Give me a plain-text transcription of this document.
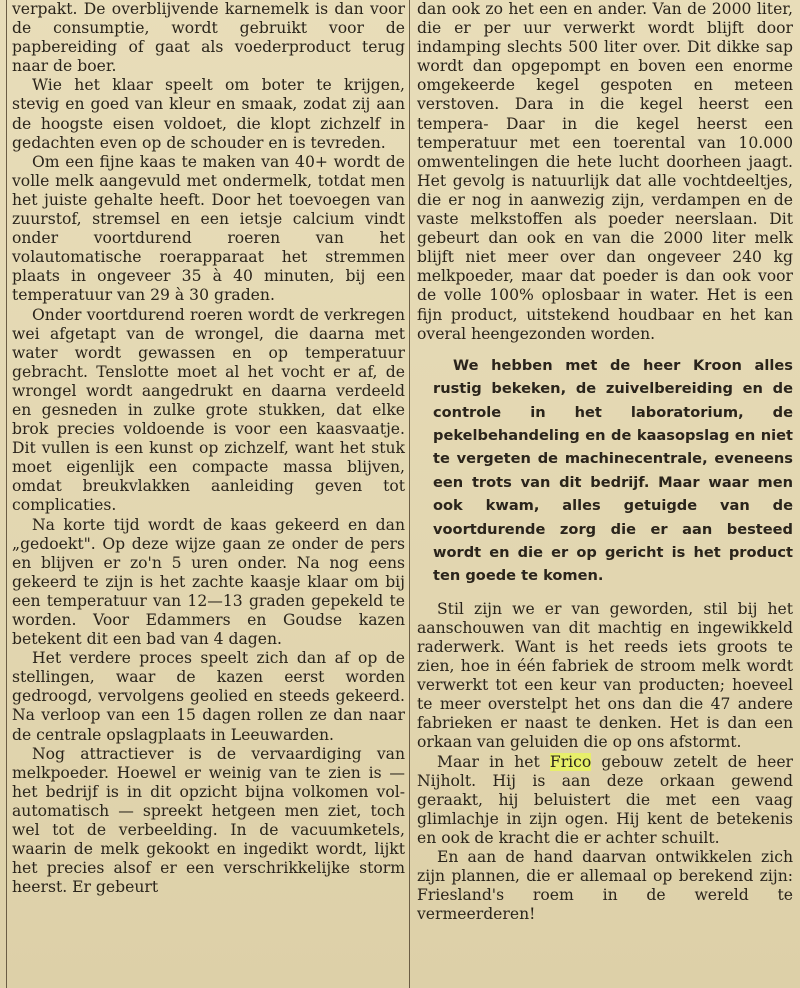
verpakt. De overblijvende karnemelk is dan voor de consumptie, wordt gebruikt voor de papbereiding of gaat als voederproduct terug naar de boer.

Wie het klaar speelt om boter te krijgen, stevig en goed van kleur en smaak, zodat zij aan de hoogste eisen voldoet, die klopt zichzelf in gedachten even op de schouder en is tevreden.

Om een fijne kaas te maken van 40+ wordt de volle melk aangevuld met ondermelk, totdat men het juiste gehalte heeft. Door het toevoegen van zuurstof, stremsel en een ietsje calcium vindt onder voortdurend roeren van het volautomatische roerapparaat het stremmen plaats in ongeveer 35 à 40 minuten, bij een temperatuur van 29 à 30 graden.

Onder voortdurend roeren wordt de verkregen wei afgetapt van de wrongel, die daarna met water wordt gewassen en op temperatuur gebracht. Tenslotte moet al het vocht er af, de wrongel wordt aangedrukt en daarna verdeeld en gesneden in zulke grote stukken, dat elke brok precies voldoende is voor een kaasvaatje. Dit vullen is een kunst op zichzelf, want het stuk moet eigenlijk een compacte massa blijven, omdat breukvlakken aanleiding geven tot complicaties.

Na korte tijd wordt de kaas gekeerd en dan „gedoekt". Op deze wijze gaan ze onder de pers en blijven er zo'n 5 uren onder. Na nog eens gekeerd te zijn is het zachte kaasje klaar om bij een temperatuur van 12—13 graden gepekeld te worden. Voor Edammers en Goudse kazen betekent dit een bad van 4 dagen.

Het verdere proces speelt zich dan af op de stellingen, waar de kazen eerst worden gedroogd, vervolgens geolied en steeds gekeerd. Na verloop van een 15 dagen rollen ze dan naar de centrale opslagplaats in Leeuwarden.

Nog attractiever is de vervaardiging van melkpoeder. Hoewel er weinig van te zien is — het bedrijf is in dit opzicht bijna volkomen vol-automatisch — spreekt hetgeen men ziet, toch wel tot de verbeelding. In de vacuumketels, waarin de melk gekookt en ingedikt wordt, lijkt het precies alsof er een verschrikkelijke storm heerst. Er gebeurt

dan ook zo het een en ander. Van de 2000 liter, die er per uur verwerkt wordt blijft door indamping slechts 500 liter over. Dit dikke sap wordt dan opgepompt en boven een enorme omgekeerde kegel gespoten en meteen verstoven. Dara in die kegel heerst een tempera- Daar in die kegel heerst een temperatuur met een toerental van 10.000 omwentelingen die hete lucht doorheen jaagt. Het gevolg is natuurlijk dat alle vochtdeeltjes, die er nog in aanwezig zijn, verdampen en de vaste melkstoffen als poeder neerslaan. Dit gebeurt dan ook en van die 2000 liter melk blijft niet meer over dan ongeveer 240 kg melkpoeder, maar dat poeder is dan ook voor de volle 100% oplosbaar in water. Het is een fijn product, uitstekend houdbaar en het kan overal heengezonden worden.

We hebben met de heer Kroon alles rustig bekeken, de zuivelbereiding en de controle in het laboratorium, de pekelbehandeling en de kaasopslag en niet te vergeten de machinecentrale, eveneens een trots van dit bedrijf. Maar waar men ook kwam, alles getuigde van de voortdurende zorg die er aan besteed wordt en die er op gericht is het product ten goede te komen.

Stil zijn we er van geworden, stil bij het aanschouwen van dit machtig en ingewikkeld raderwerk. Want is het reeds iets groots te zien, hoe in één fabriek de stroom melk wordt verwerkt tot een keur van producten; hoeveel te meer overstelpt het ons dan die 47 andere fabrieken er naast te denken. Het is dan een orkaan van geluiden die op ons afstormt.

Maar in het Frico gebouw zetelt de heer Nijholt. Hij is aan deze orkaan gewend geraakt, hij beluistert die met een vaag glimlachje in zijn ogen. Hij kent de betekenis en ook de kracht die er achter schuilt.

En aan de hand daarvan ontwikkelen zich zijn plannen, die er allemaal op berekend zijn: Friesland's roem in de wereld te vermeerderen!
